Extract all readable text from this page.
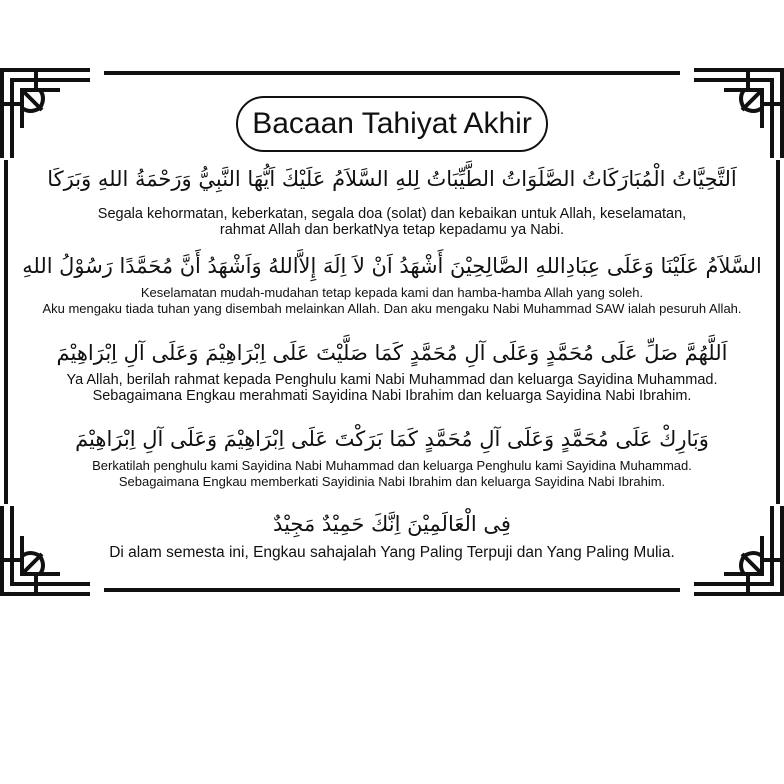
Bacaan Tahiyat Akhir
اَلتَّحِيَّاتُ الْمُبَارَكَاتُ الصَّلَوَاتُ الطَّيِّبَاتُ لِلهِ السَّلاَمُ عَلَيْكَ اَيُّهَا النَّبِيُّ وَرَحْمَةُ اللهِ وَبَرَكَا
Segala kehormatan, keberkatan, segala doa (solat) dan kebaikan untuk Allah, keselamatan,
rahmat Allah dan berkatNya tetap kepadamu ya Nabi.
السَّلاَمُ عَلَيْنَا وَعَلَى عِبَادِاللهِ الصَّالِحِيْنَ أَشْهَدُ اَنْ لاَ اِلَهَ إِلاَّاللهُ وَاَشْهَدُ أَنَّ مُحَمَّدًا رَسُوْلُ اللهِ
Keselamatan mudah-mudahan tetap kepada kami dan hamba-hamba Allah yang soleh.
Aku mengaku tiada tuhan yang disembah melainkan Allah. Dan aku mengaku Nabi Muhammad SAW ialah pesuruh Allah.
اَللَّهُمَّ صَلِّ عَلَى مُحَمَّدٍ وَعَلَى آلِ مُحَمَّدٍ كَمَا صَلَّيْتَ عَلَى اِبْرَاهِيْمَ وَعَلَى آلِ اِبْرَاهِيْمَ
Ya Allah, berilah rahmat kepada Penghulu kami Nabi Muhammad dan keluarga Sayidina Muhammad.
Sebagaimana Engkau merahmati Sayidina Nabi Ibrahim dan keluarga Sayidina Nabi Ibrahim.
وَبَارِكْ عَلَى مُحَمَّدٍ وَعَلَى آلِ مُحَمَّدٍ كَمَا بَرَكْتَ عَلَى اِبْرَاهِيْمَ وَعَلَى آلِ اِبْرَاهِيْمَ
Berkatilah penghulu kami Sayidina Nabi Muhammad dan keluarga Penghulu kami Sayidina Muhammad.
Sebagaimana Engkau memberkati Sayidinia Nabi Ibrahim dan keluarga Sayidina Nabi Ibrahim.
فِى الْعَالَمِيْنَ اِنَّكَ حَمِيْدٌ مَجِيْدٌ
Di alam semesta ini, Engkau sahajalah Yang Paling Terpuji dan Yang Paling Mulia.
